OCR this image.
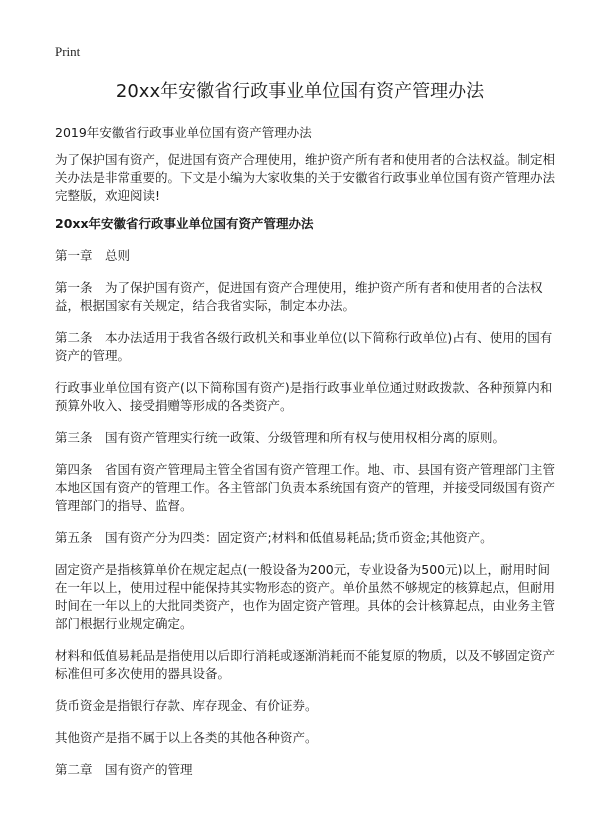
Print
20xx年安徽省行政事业单位国有资产管理办法

2019年安徽省行政事业单位国有资产管理办法

为了保护国有资产，促进国有资产合理使用，维护资产所有者和使用者的合法权益。制定相关办法是非常重要的。下文是小编为大家收集的关于安徽省行政事业单位国有资产管理办法完整版，欢迎阅读!

20xx年安徽省行政事业单位国有资产管理办法

第一章　总则

第一条　为了保护国有资产，促进国有资产合理使用，维护资产所有者和使用者的合法权益，根据国家有关规定，结合我省实际，制定本办法。

第二条　本办法适用于我省各级行政机关和事业单位(以下简称行政单位)占有、使用的国有资产的管理。

行政事业单位国有资产(以下简称国有资产)是指行政事业单位通过财政拨款、各种预算内和预算外收入、接受捐赠等形成的各类资产。

第三条　国有资产管理实行统一政策、分级管理和所有权与使用权相分离的原则。

第四条　省国有资产管理局主管全省国有资产管理工作。地、市、县国有资产管理部门主管本地区国有资产的管理工作。各主管部门负责本系统国有资产的管理，并接受同级国有资产管理部门的指导、监督。

第五条　国有资产分为四类：固定资产;材料和低值易耗品;货币资金;其他资产。

固定资产是指核算单价在规定起点(一般设备为200元，专业设备为500元)以上，耐用时间在一年以上，使用过程中能保持其实物形态的资产。单价虽然不够规定的核算起点，但耐用时间在一年以上的大批同类资产，也作为固定资产管理。具体的会计核算起点，由业务主管部门根据行业规定确定。

材料和低值易耗品是指使用以后即行消耗或逐渐消耗而不能复原的物质，以及不够固定资产标准但可多次使用的器具设备。

货币资金是指银行存款、库存现金、有价证券。

其他资产是指不属于以上各类的其他各种资产。

第二章　国有资产的管理
